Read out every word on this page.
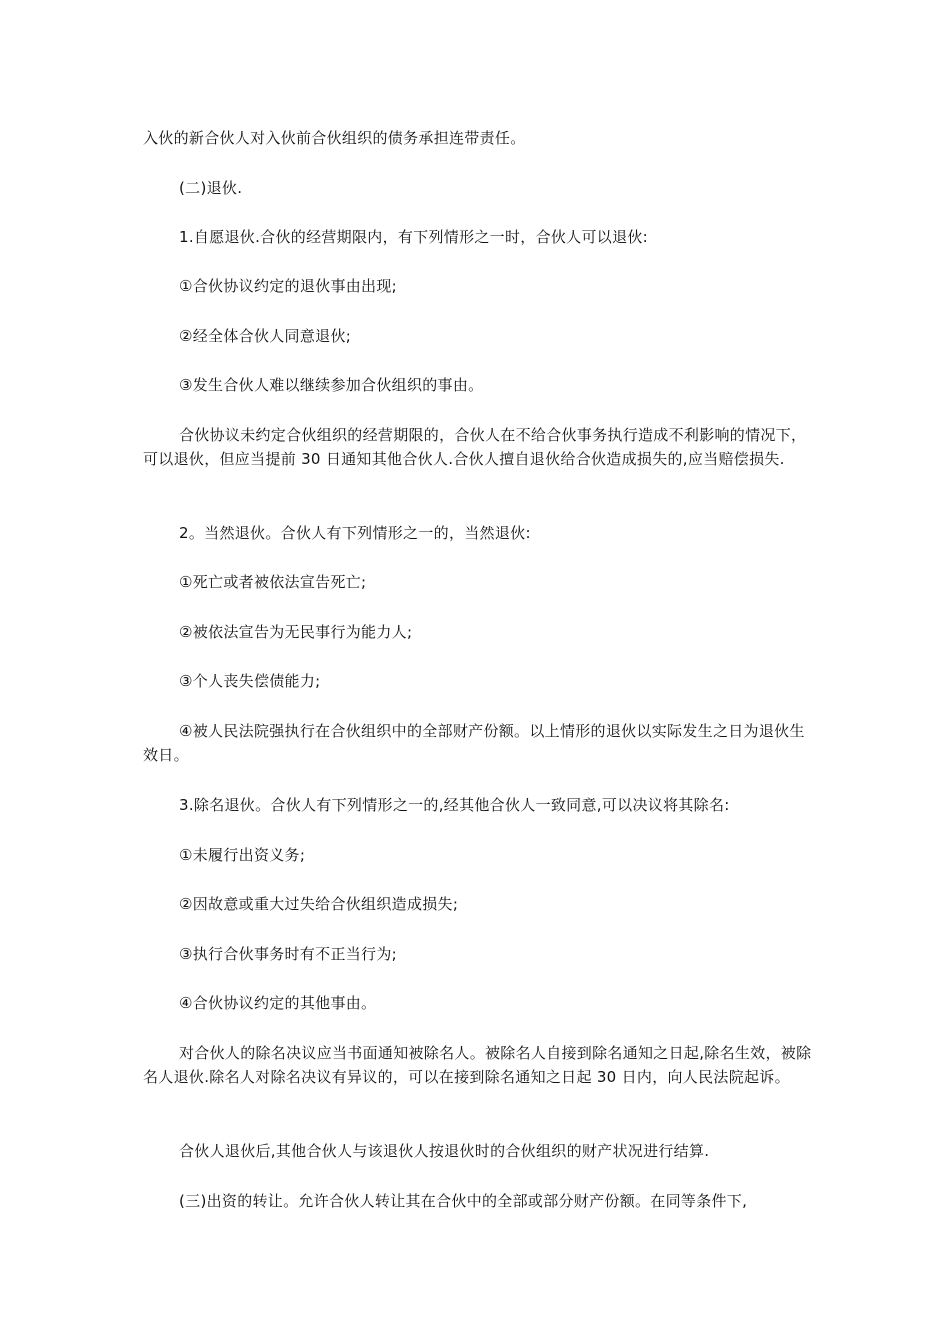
入伙的新合伙人对入伙前合伙组织的债务承担连带责任。

(二)退伙.

1.自愿退伙.合伙的经营期限内，有下列情形之一时，合伙人可以退伙:

①合伙协议约定的退伙事由出现;

②经全体合伙人同意退伙;

③发生合伙人难以继续参加合伙组织的事由。

合伙协议未约定合伙组织的经营期限的，合伙人在不给合伙事务执行造成不利影响的情况下，可以退伙，但应当提前 30 日通知其他合伙人.合伙人擅自退伙给合伙造成损失的,应当赔偿损失.

2。当然退伙。合伙人有下列情形之一的，当然退伙:

①死亡或者被依法宣告死亡;

②被依法宣告为无民事行为能力人;

③个人丧失偿债能力;

④被人民法院强执行在合伙组织中的全部财产份额。以上情形的退伙以实际发生之日为退伙生效日。

3.除名退伙。合伙人有下列情形之一的,经其他合伙人一致同意,可以决议将其除名:

①未履行出资义务;

②因故意或重大过失给合伙组织造成损失;

③执行合伙事务时有不正当行为;

④合伙协议约定的其他事由。

对合伙人的除名决议应当书面通知被除名人。被除名人自接到除名通知之日起,除名生效，被除名人退伙.除名人对除名决议有异议的，可以在接到除名通知之日起 30 日内，向人民法院起诉。

合伙人退伙后,其他合伙人与该退伙人按退伙时的合伙组织的财产状况进行结算.

(三)出资的转让。允许合伙人转让其在合伙中的全部或部分财产份额。在同等条件下,
